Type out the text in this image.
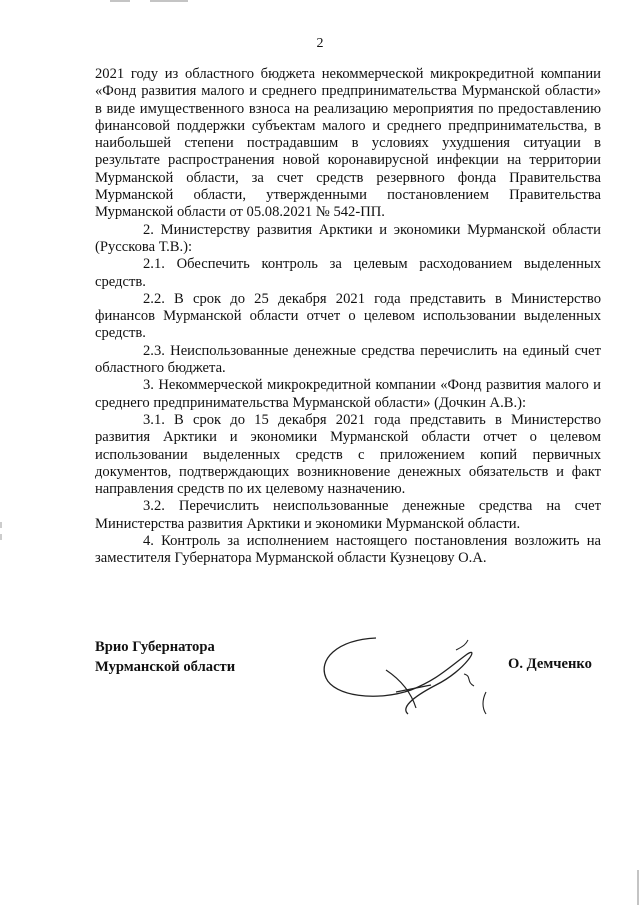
2

2021 году из областного бюджета некоммерческой микрокредитной компании «Фонд развития малого и среднего предпринимательства Мурманской области» в виде имущественного взноса на реализацию мероприятия по предоставлению финансовой поддержки субъектам малого и среднего предпринимательства, в наибольшей степени пострадавшим в условиях ухудшения ситуации в результате распространения новой коронавирусной инфекции на территории Мурманской области, за счет средств резервного фонда Правительства Мурманской области, утвержденными постановлением Правительства Мурманской области от 05.08.2021 № 542-ПП.

2. Министерству развития Арктики и экономики Мурманской области (Русскова Т.В.):

2.1. Обеспечить контроль за целевым расходованием выделенных средств.

2.2. В срок до 25 декабря 2021 года представить в Министерство финансов Мурманской области отчет о целевом использовании выделенных средств.

2.3. Неиспользованные денежные средства перечислить на единый счет областного бюджета.

3. Некоммерческой микрокредитной компании «Фонд развития малого и среднего предпринимательства Мурманской области» (Дочкин А.В.):

3.1. В срок до 15 декабря 2021 года представить в Министерство развития Арктики и экономики Мурманской области отчет о целевом использовании выделенных средств с приложением копий первичных документов, подтверждающих возникновение денежных обязательств и факт направления средств по их целевому назначению.

3.2. Перечислить неиспользованные денежные средства на счет Министерства развития Арктики и экономики Мурманской области.

4. Контроль за исполнением настоящего постановления возложить на заместителя Губернатора Мурманской области Кузнецову О.А.

Врио Губернатора
Мурманской области	О. Демченко
